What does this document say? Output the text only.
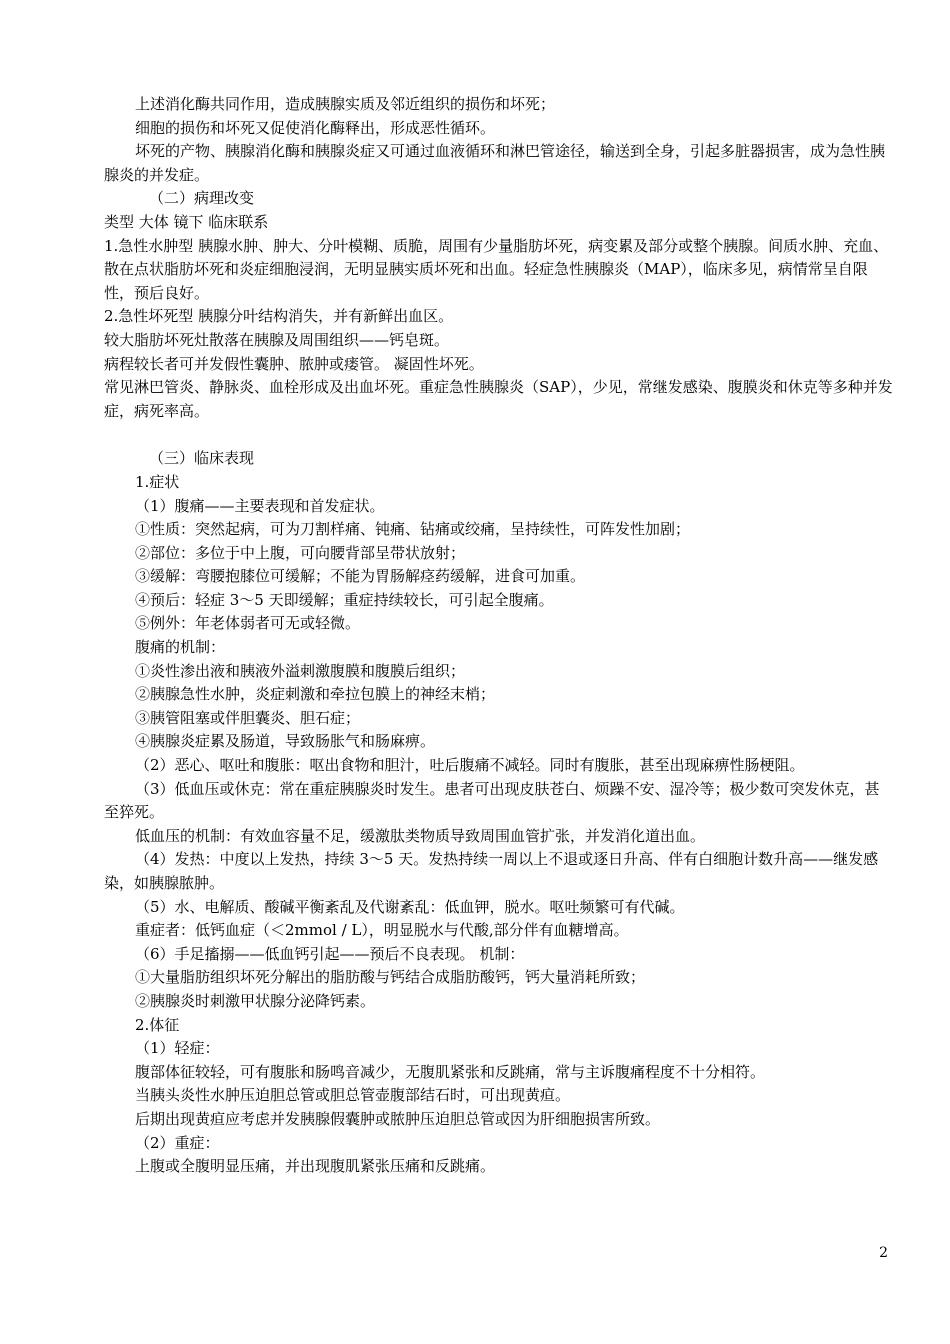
上述消化酶共同作用，造成胰腺实质及邻近组织的损伤和坏死；

细胞的损伤和坏死又促使消化酶释出，形成恶性循环。

坏死的产物、胰腺消化酶和胰腺炎症又可通过血液循环和淋巴管途径，输送到全身，引起多脏器损害，成为急性胰腺炎的并发症。

（二）病理改变

类型 大体 镜下 临床联系

1.急性水肿型 胰腺水肿、肿大、分叶模糊、质脆，周围有少量脂肪坏死，病变累及部分或整个胰腺。间质水肿、充血、散在点状脂肪坏死和炎症细胞浸润，无明显胰实质坏死和出血。轻症急性胰腺炎（MAP），临床多见，病情常呈自限性，预后良好。

2.急性坏死型 胰腺分叶结构消失，并有新鲜出血区。

较大脂肪坏死灶散落在胰腺及周围组织——钙皂斑。

病程较长者可并发假性囊肿、脓肿或瘘管。 凝固性坏死。

常见淋巴管炎、静脉炎、血栓形成及出血坏死。重症急性胰腺炎（SAP），少见，常继发感染、腹膜炎和休克等多种并发症，病死率高。

（三）临床表现

1.症状

（1）腹痛——主要表现和首发症状。

①性质：突然起病，可为刀割样痛、钝痛、钻痛或绞痛，呈持续性，可阵发性加剧；

②部位：多位于中上腹，可向腰背部呈带状放射；

③缓解：弯腰抱膝位可缓解；不能为胃肠解痉药缓解，进食可加重。

④预后：轻症 3～5 天即缓解；重症持续较长，可引起全腹痛。

⑤例外：年老体弱者可无或轻微。

腹痛的机制：

①炎性渗出液和胰液外溢刺激腹膜和腹膜后组织；

②胰腺急性水肿，炎症刺激和牵拉包膜上的神经末梢；

③胰管阻塞或伴胆囊炎、胆石症；

④胰腺炎症累及肠道，导致肠胀气和肠麻痹。

（2）恶心、呕吐和腹胀：呕出食物和胆汁，吐后腹痛不减轻。同时有腹胀，甚至出现麻痹性肠梗阻。

（3）低血压或休克：常在重症胰腺炎时发生。患者可出现皮肤苍白、烦躁不安、湿冷等；极少数可突发休克，甚至猝死。

低血压的机制：有效血容量不足，缓激肽类物质导致周围血管扩张，并发消化道出血。

（4）发热：中度以上发热，持续 3～5 天。发热持续一周以上不退或逐日升高、伴有白细胞计数升高——继发感染，如胰腺脓肿。

（5）水、电解质、酸碱平衡紊乱及代谢紊乱：低血钾，脱水。呕吐频繁可有代碱。

重症者：低钙血症（＜2mmol / L），明显脱水与代酸,部分伴有血糖增高。

（6）手足搐搦——低血钙引起——预后不良表现。 机制：

①大量脂肪组织坏死分解出的脂肪酸与钙结合成脂肪酸钙，钙大量消耗所致；

②胰腺炎时刺激甲状腺分泌降钙素。

2.体征

（1）轻症：

腹部体征较轻，可有腹胀和肠鸣音减少，无腹肌紧张和反跳痛，常与主诉腹痛程度不十分相符。

当胰头炎性水肿压迫胆总管或胆总管壶腹部结石时，可出现黄疸。

后期出现黄疸应考虑并发胰腺假囊肿或脓肿压迫胆总管或因为肝细胞损害所致。

（2）重症：

上腹或全腹明显压痛，并出现腹肌紧张压痛和反跳痛。

2
